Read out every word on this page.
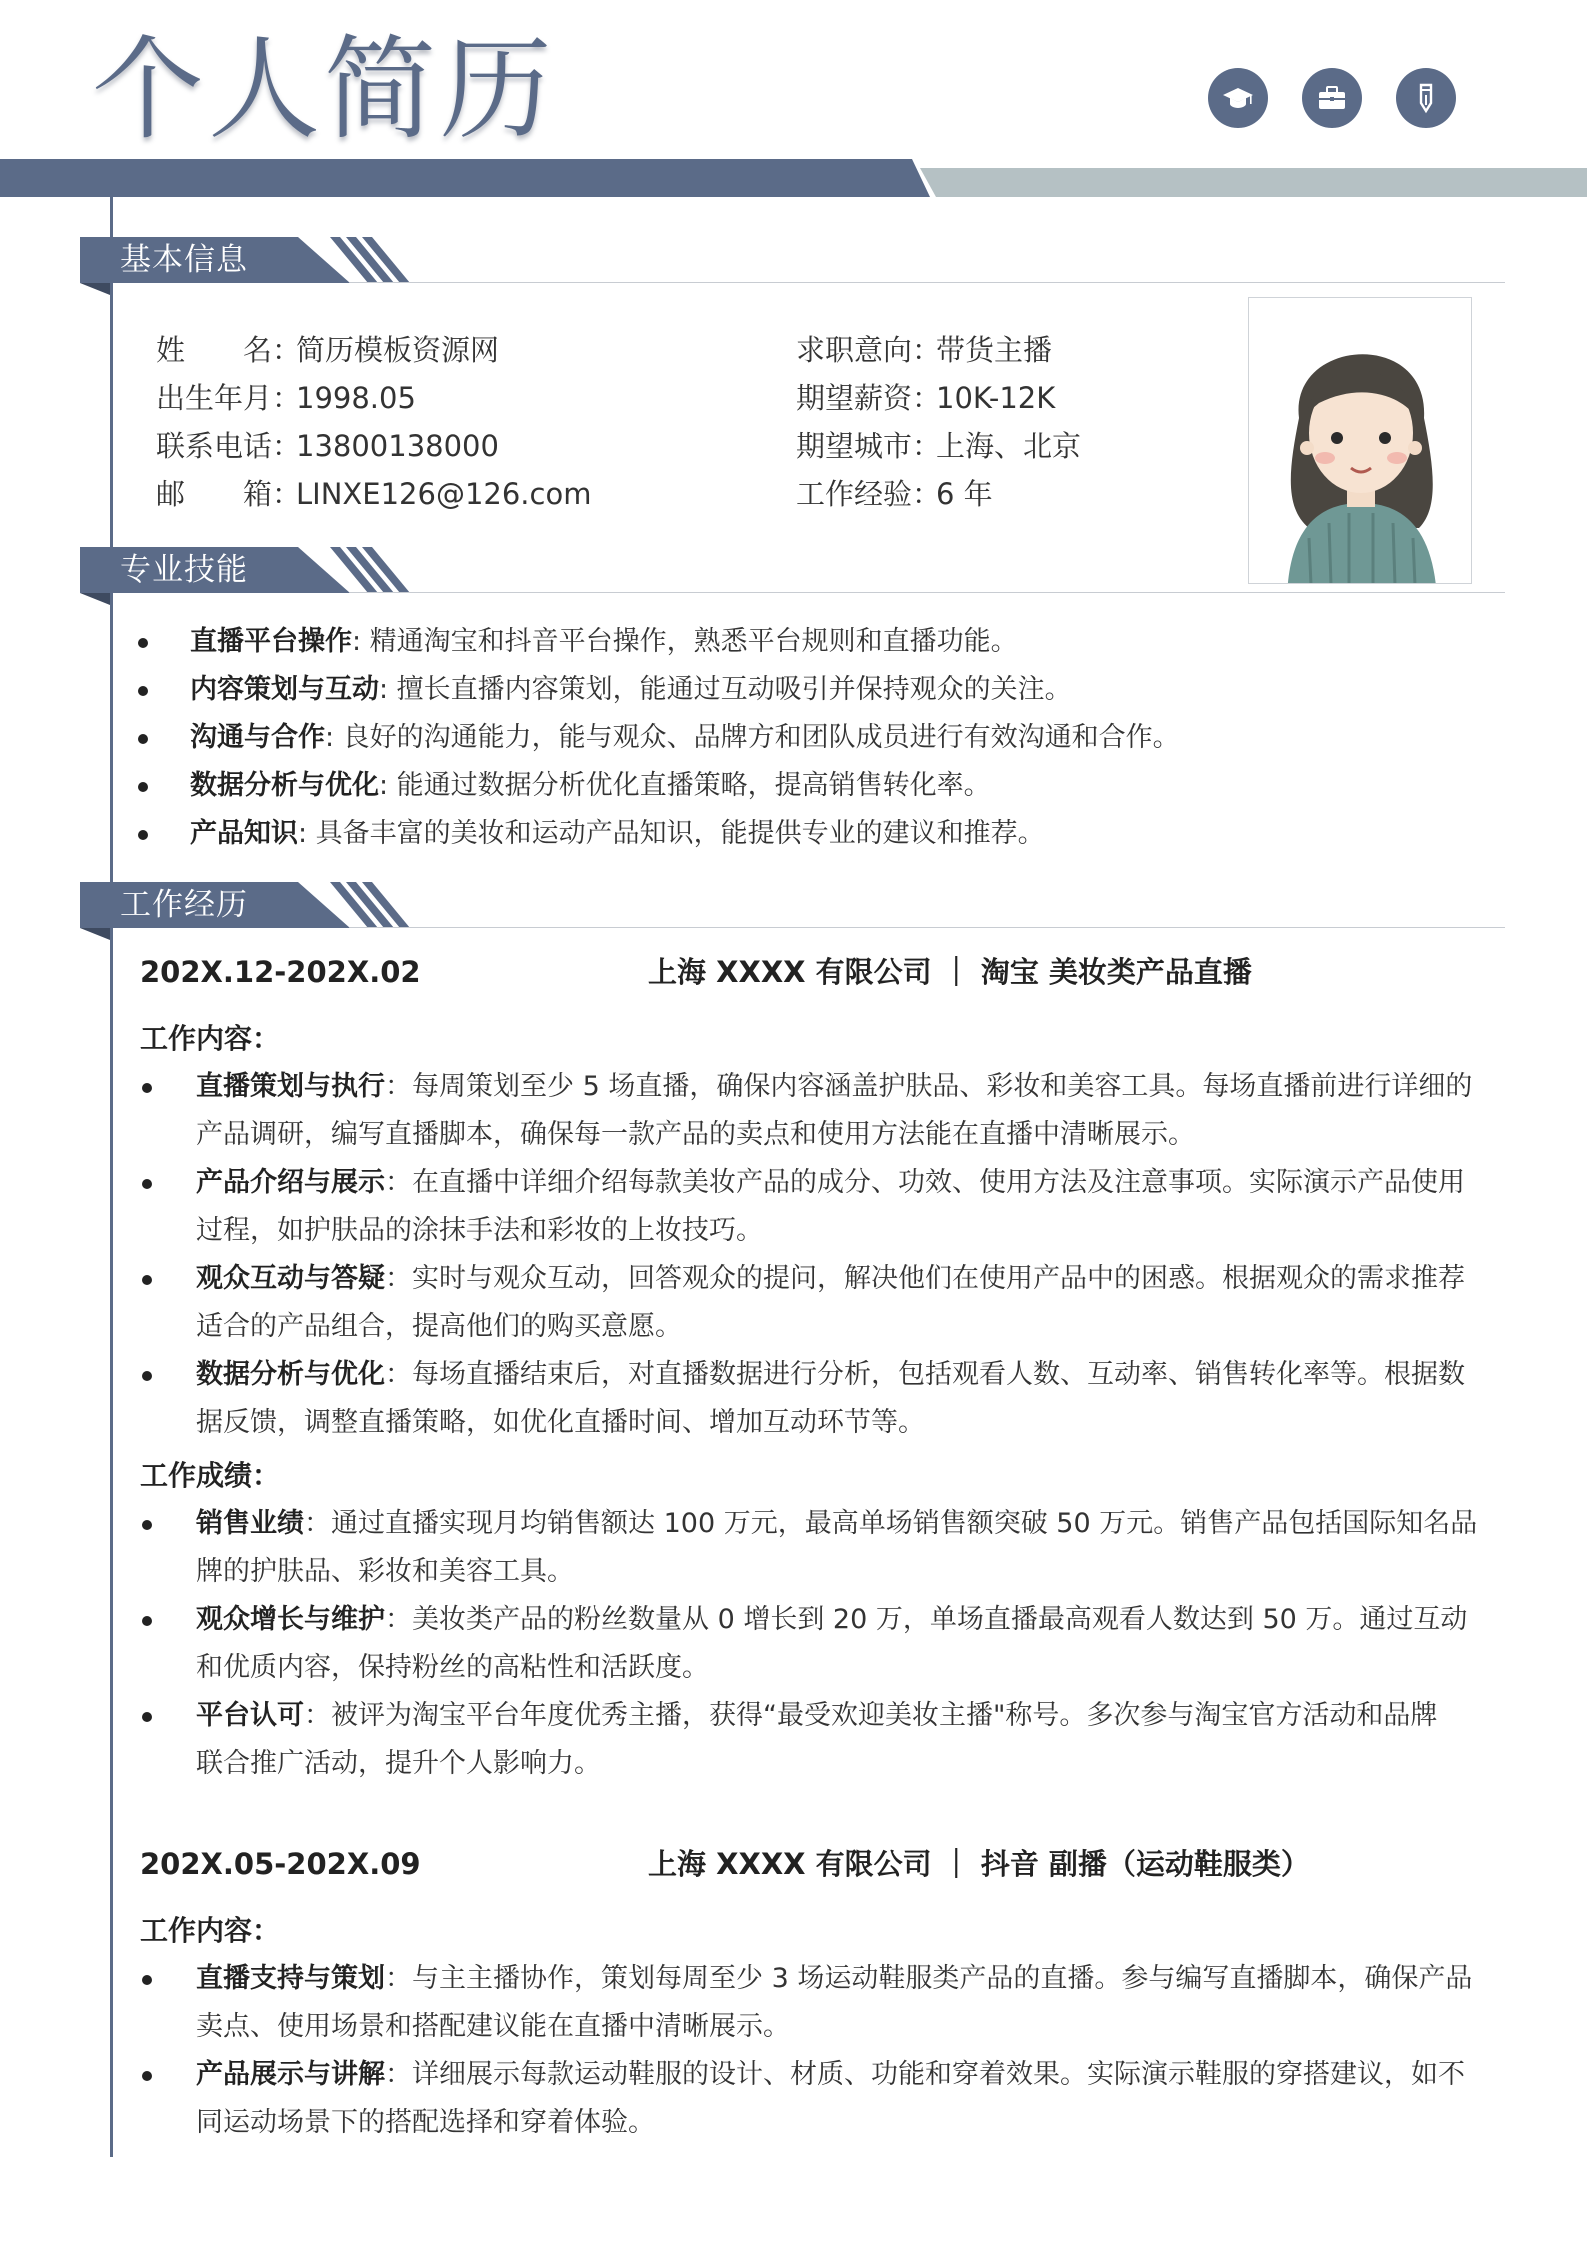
个人简历
基本信息
姓　　名：
简历模板资源网
出生年月：
1998.05
联系电话：
13800138000
邮　　箱：
LINXE126@126.com
求职意向：
带货主播
期望薪资：
10K-12K
期望城市：
上海、北京
工作经验：
6 年
专业技能
直播平台操作: 精通淘宝和抖音平台操作，熟悉平台规则和直播功能。
内容策划与互动: 擅长直播内容策划，能通过互动吸引并保持观众的关注。
沟通与合作: 良好的沟通能力，能与观众、品牌方和团队成员进行有效沟通和合作。
数据分析与优化: 能通过数据分析优化直播策略，提高销售转化率。
产品知识: 具备丰富的美妆和运动产品知识，能提供专业的建议和推荐。
工作经历
202X.12-202X.02	上海 XXXX 有限公司 ｜ 淘宝 美妆类产品直播
工作内容：
直播策划与执行：每周策划至少 5 场直播，确保内容涵盖护肤品、彩妆和美容工具。每场直播前进行详细的
产品调研，编写直播脚本，确保每一款产品的卖点和使用方法能在直播中清晰展示。
产品介绍与展示：在直播中详细介绍每款美妆产品的成分、功效、使用方法及注意事项。实际演示产品使用
过程，如护肤品的涂抹手法和彩妆的上妆技巧。
观众互动与答疑：实时与观众互动，回答观众的提问，解决他们在使用产品中的困惑。根据观众的需求推荐
适合的产品组合，提高他们的购买意愿。
数据分析与优化：每场直播结束后，对直播数据进行分析，包括观看人数、互动率、销售转化率等。根据数
据反馈，调整直播策略，如优化直播时间、增加互动环节等。
工作成绩：
销售业绩：通过直播实现月均销售额达 100 万元，最高单场销售额突破 50 万元。销售产品包括国际知名品
牌的护肤品、彩妆和美容工具。
观众增长与维护：美妆类产品的粉丝数量从 0 增长到 20 万，单场直播最高观看人数达到 50 万。通过互动
和优质内容，保持粉丝的高粘性和活跃度。
平台认可：被评为淘宝平台年度优秀主播，获得“最受欢迎美妆主播"称号。多次参与淘宝官方活动和品牌
联合推广活动，提升个人影响力。
202X.05-202X.09	上海 XXXX 有限公司 ｜ 抖音 副播（运动鞋服类）
工作内容：
直播支持与策划：与主主播协作，策划每周至少 3 场运动鞋服类产品的直播。参与编写直播脚本，确保产品
卖点、使用场景和搭配建议能在直播中清晰展示。
产品展示与讲解：详细展示每款运动鞋服的设计、材质、功能和穿着效果。实际演示鞋服的穿搭建议，如不
同运动场景下的搭配选择和穿着体验。
